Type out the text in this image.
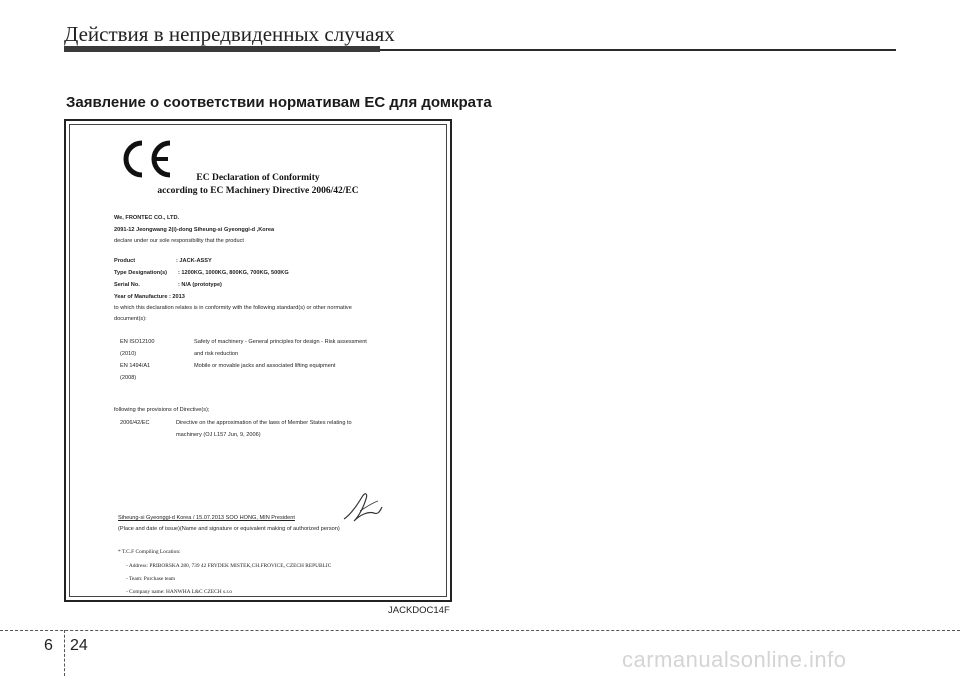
Действия в непредвиденных случаях
Заявление о соответствии нормативам ЕС для домкрата
EC Declaration of Conformity
according to EC Machinery Directive 2006/42/EC
We, FRONTEC CO., LTD.
2091-12 Jeongwang 2(i)-dong Siheung-si Gyeonggi-d ,Korea
declare under our sole responsibility that the product
Product	: JACK-ASSY
Type Designation(s) : 1200KG, 1000KG, 800KG, 700KG, 500KG
Serial No.	: N/A (prototype)
Year of Manufacture : 2013
to which this declaration relates is in conformity with the following standard(s) or other normative
document(s):
EN ISO12100	Safety of machinery - General principles for design - Risk assessment
(2010)	and risk reduction
EN 1494/A1	Mobile or movable jacks and associated lifting equipment
(2008)
following the provisions of Directive(s);
2006/42/EC	Directive on the approximation of the laws of Member States relating to
machinery (OJ L157 Jun, 9, 2006)
Siheung-si Gyeonggi-d Korea / 15.07.2013 SOO HONG, MIN President
(Place and date of issue)(Name and signature or equivalent making of authorized person)
* T.C.F Compiling Location:
- Address: PRIBORSKA 280, 739 42 FRYDEK MISTEK,CH.FROVICE, CZECH REPUBLIC
- Team: Purchase team
- Company name: HANWHA L&C CZECH s.r.o
JACKDOC14F
6 24
carmanualsonline.info
